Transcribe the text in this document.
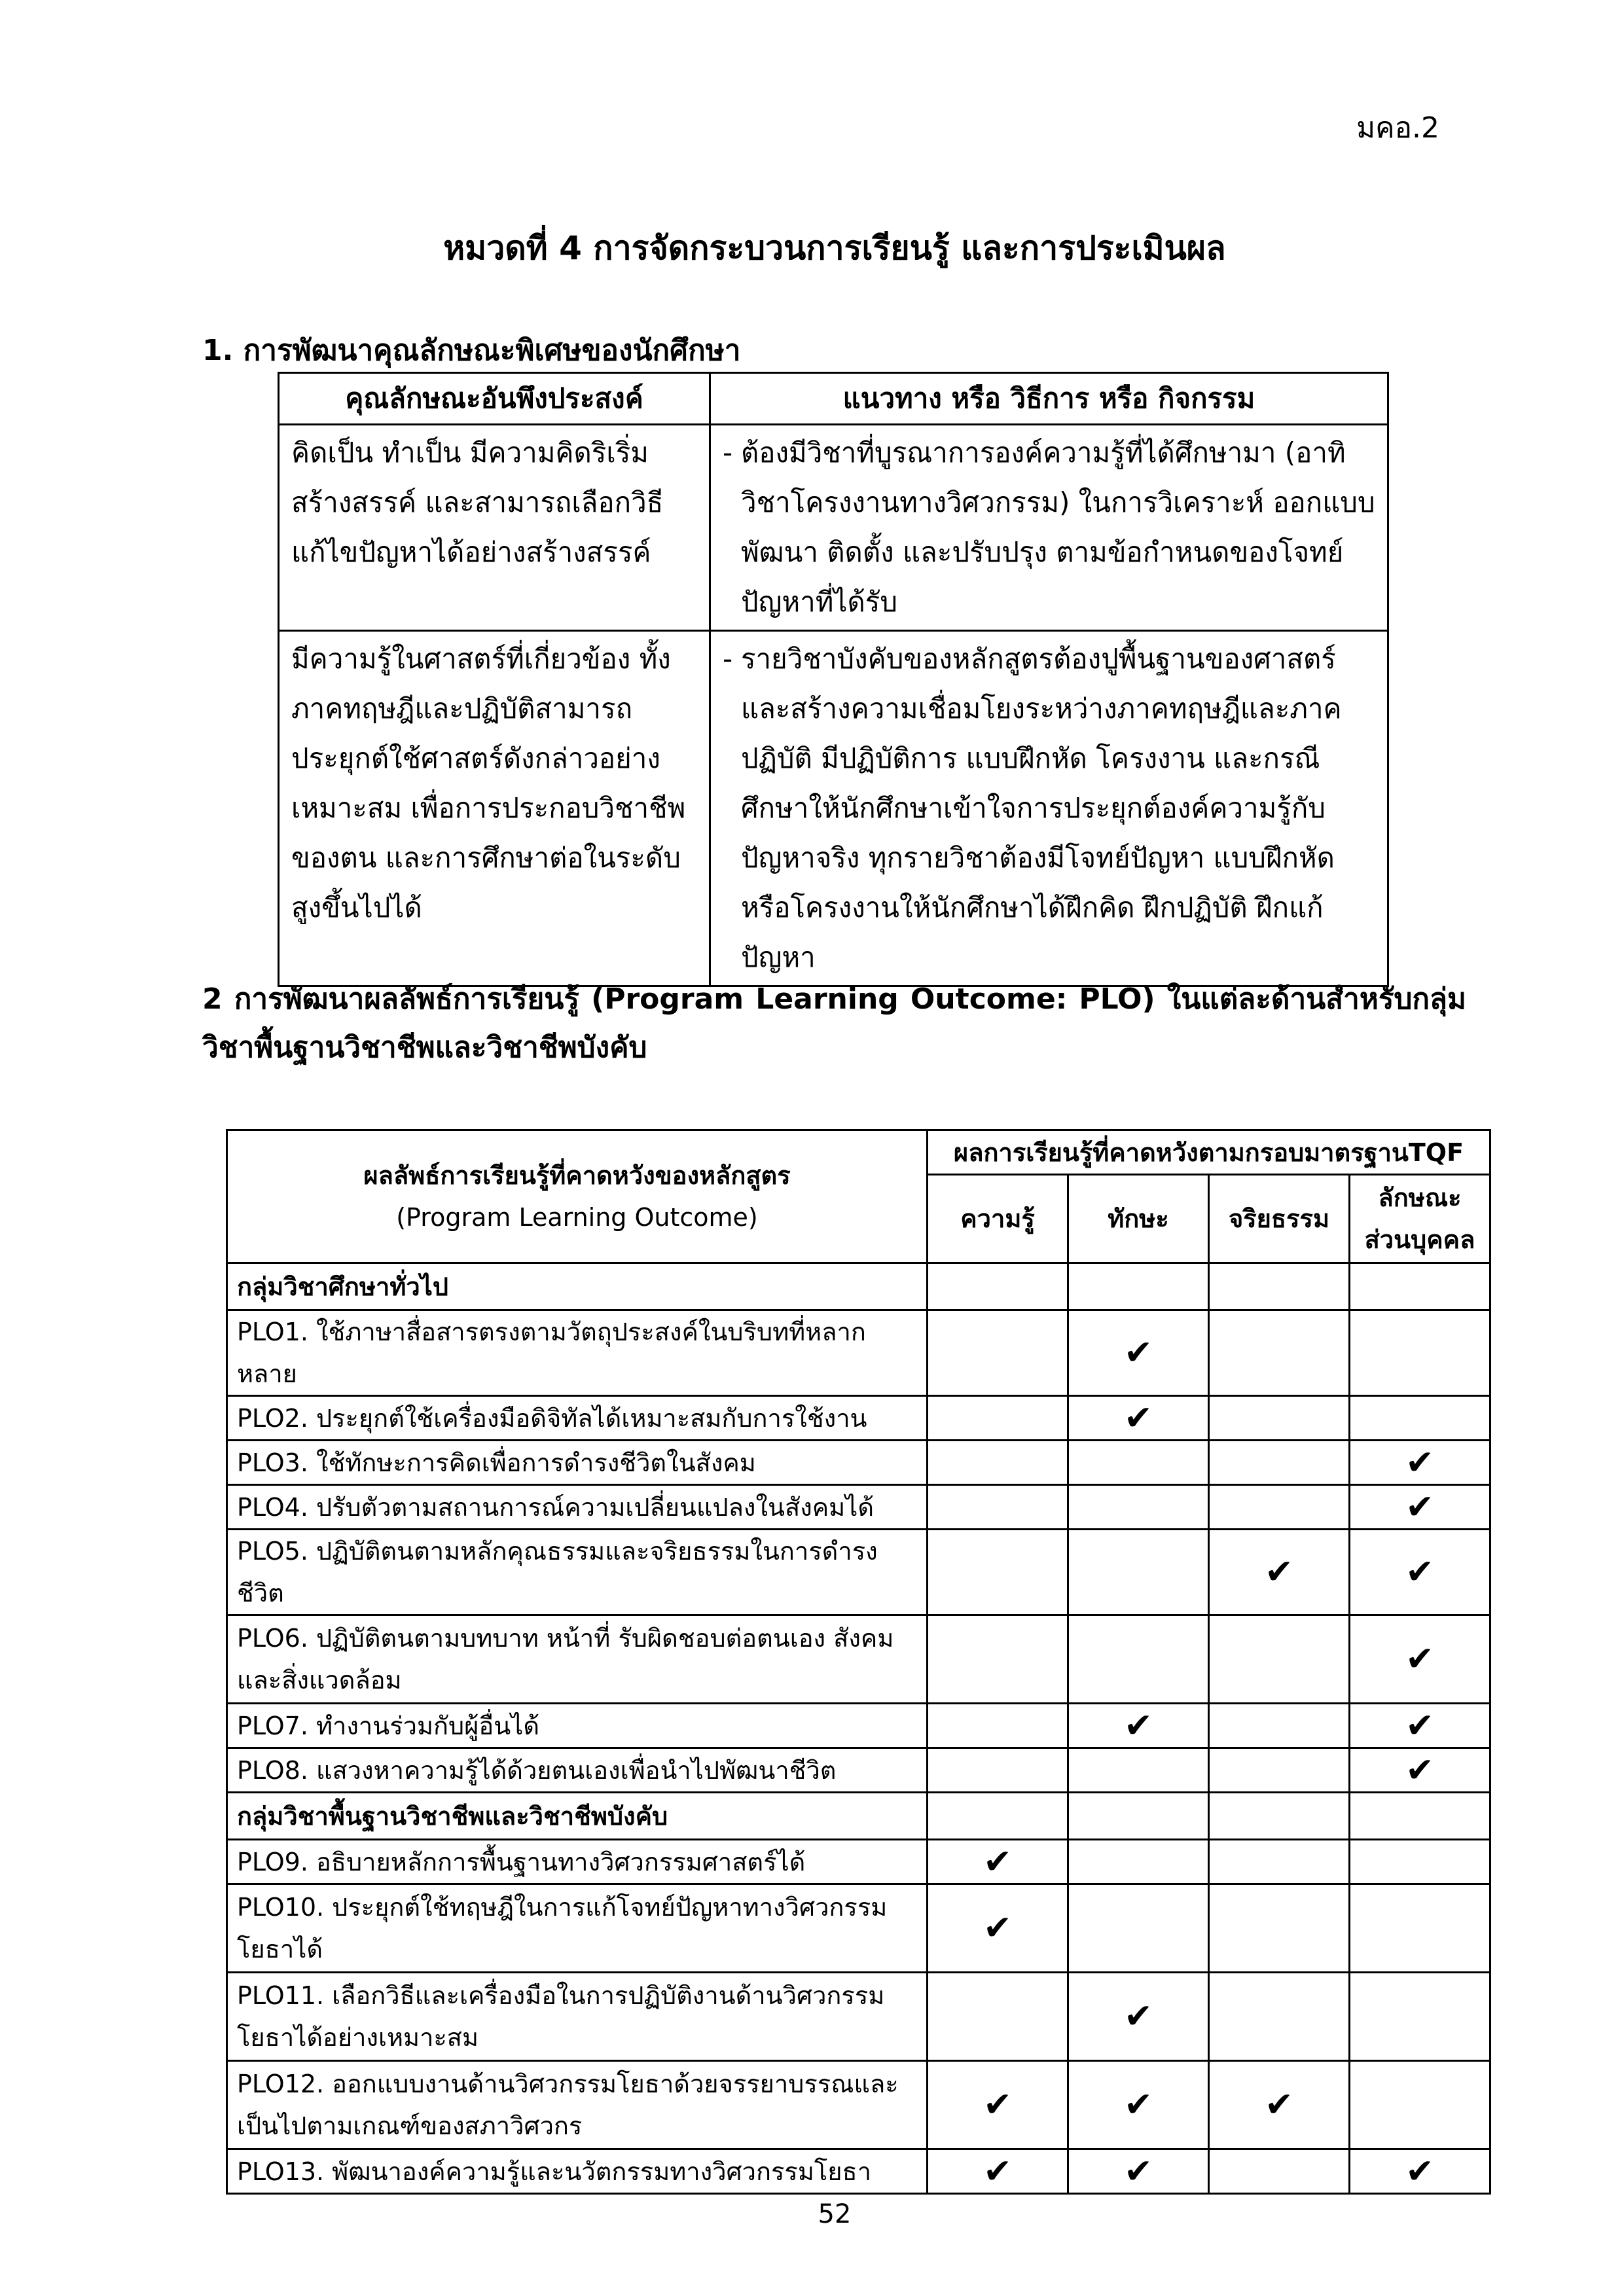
มคอ.2
หมวดที่ 4 การจัดกระบวนการเรียนรู้ และการประเมินผล
1. การพัฒนาคุณลักษณะพิเศษของนักศึกษา
คุณลักษณะอันพึงประสงค์	แนวทาง หรือ วิธีการ หรือ กิจกรรม
คิดเป็น ทำเป็น มีความคิดริเริ่มสร้างสรรค์ และสามารถเลือกวิธีแก้ไขปัญหาได้อย่างสร้างสรรค์	- ต้องมีวิชาที่บูรณาการองค์ความรู้ที่ได้ศึกษามา (อาทิ วิชาโครงงานทางวิศวกรรม) ในการวิเคราะห์ ออกแบบ พัฒนา ติดตั้ง และปรับปรุง ตามข้อกำหนดของโจทย์ปัญหาที่ได้รับ

มีความรู้ในศาสตร์ที่เกี่ยวข้อง ทั้งภาคทฤษฎีและปฏิบัติสามารถประยุกต์ใช้ศาสตร์ดังกล่าวอย่างเหมาะสม เพื่อการประกอบวิชาชีพของตน และการศึกษาต่อในระดับสูงขึ้นไปได้	- รายวิชาบังคับของหลักสูตรต้องปูพื้นฐานของศาสตร์และสร้างความเชื่อมโยงระหว่างภาคทฤษฎีและภาคปฏิบัติ มีปฏิบัติการ แบบฝึกหัด โครงงาน และกรณีศึกษาให้นักศึกษาเข้าใจการประยุกต์องค์ความรู้กับปัญหาจริง ทุกรายวิชาต้องมีโจทย์ปัญหา แบบฝึกหัด หรือโครงงานให้นักศึกษาได้ฝึกคิด ฝึกปฏิบัติ ฝึกแก้ปัญหา
2 การพัฒนาผลลัพธ์การเรียนรู้ (Program Learning Outcome: PLO) ในแต่ละด้านสำหรับกลุ่มวิชาพื้นฐานวิชาชีพและวิชาชีพบังคับ
ผลลัพธ์การเรียนรู้ที่คาดหวังของหลักสูตร
(Program Learning Outcome)	ผลการเรียนรู้ที่คาดหวังตามกรอบมาตรฐานTQF			
	ความรู้	ทักษะ	จริยธรรม	ลักษณะส่วนบุคคล
กลุ่มวิชาศึกษาทั่วไป				
PLO1. ใช้ภาษาสื่อสารตรงตามวัตถุประสงค์ในบริบทที่หลากหลาย		✔		
PLO2. ประยุกต์ใช้เครื่องมือดิจิทัลได้เหมาะสมกับการใช้งาน		✔		
PLO3. ใช้ทักษะการคิดเพื่อการดำรงชีวิตในสังคม				✔
PLO4. ปรับตัวตามสถานการณ์ความเปลี่ยนแปลงในสังคมได้				✔
PLO5. ปฏิบัติตนตามหลักคุณธรรมและจริยธรรมในการดำรงชีวิต			✔	✔
PLO6. ปฏิบัติตนตามบทบาท หน้าที่ รับผิดชอบต่อตนเอง สังคม และสิ่งแวดล้อม				✔
PLO7. ทำงานร่วมกับผู้อื่นได้		✔		✔
PLO8. แสวงหาความรู้ได้ด้วยตนเองเพื่อนำไปพัฒนาชีวิต				✔
กลุ่มวิชาพื้นฐานวิชาชีพและวิชาชีพบังคับ				
PLO9. อธิบายหลักการพื้นฐานทางวิศวกรรมศาสตร์ได้	✔			
PLO10. ประยุกต์ใช้ทฤษฎีในการแก้โจทย์ปัญหาทางวิศวกรรมโยธาได้	✔			
PLO11. เลือกวิธีและเครื่องมือในการปฏิบัติงานด้านวิศวกรรมโยธาได้อย่างเหมาะสม		✔		
PLO12. ออกแบบงานด้านวิศวกรรมโยธาด้วยจรรยาบรรณและเป็นไปตามเกณฑ์ของสภาวิศวกร	✔	✔	✔	
PLO13. พัฒนาองค์ความรู้และนวัตกรรมทางวิศวกรรมโยธา	✔	✔		✔
52
